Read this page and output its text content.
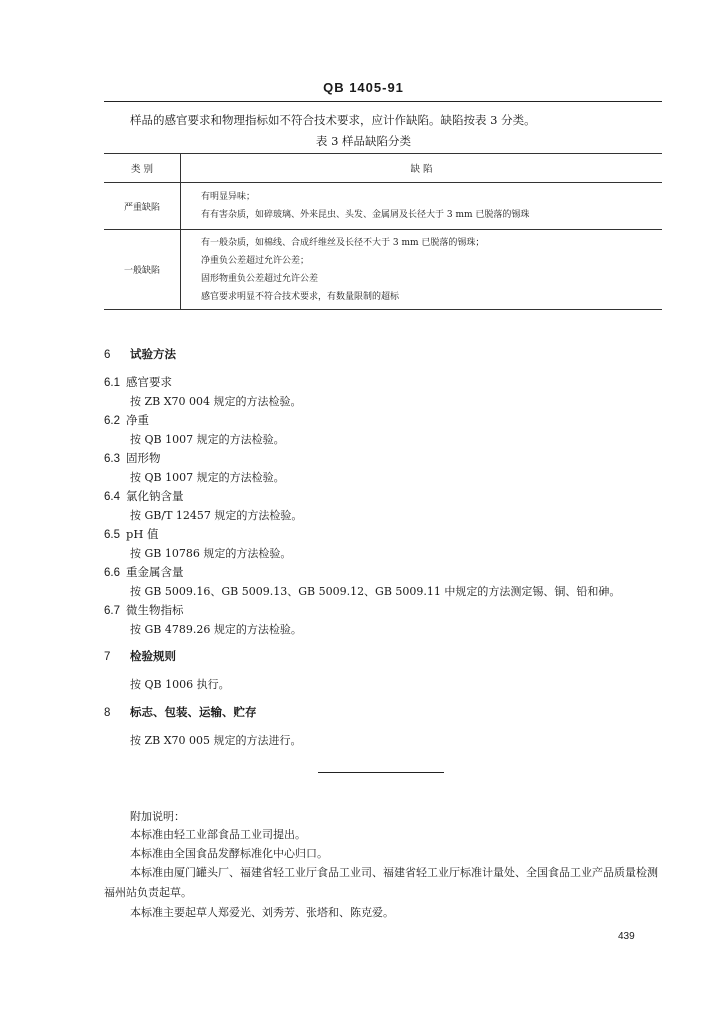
QB 1405-91
样品的感官要求和物理指标如不符合技术要求，应计作缺陷。缺陷按表 3 分类。
表 3 样品缺陷分类
类 别	缺 陷
严重缺陷	有明显异味；
有有害杂质，如碎玻璃、外来昆虫、头发、金属屑及长径大于 3 mm 已脱落的锡珠

一般缺陷	有一般杂质，如棉线、合成纤维丝及长径不大于 3 mm 已脱落的锡珠；
净重负公差超过允许公差；
固形物重负公差超过允许公差
感官要求明显不符合技术要求，有数量限制的超标
6 试验方法
6.1 感官要求
按 ZB X70 004 规定的方法检验。
6.2 净重
按 QB 1007 规定的方法检验。
6.3 固形物
按 QB 1007 规定的方法检验。
6.4 氯化钠含量
按 GB/T 12457 规定的方法检验。
6.5 pH 值
按 GB 10786 规定的方法检验。
6.6 重金属含量
按 GB 5009.16、GB 5009.13、GB 5009.12、GB 5009.11 中规定的方法测定锡、铜、铅和砷。
6.7 微生物指标
按 GB 4789.26 规定的方法检验。
7 检验规则
按 QB 1006 执行。
8 标志、包装、运输、贮存
按 ZB X70 005 规定的方法进行。
附加说明：
本标准由轻工业部食品工业司提出。
本标准由全国食品发酵标准化中心归口。
本标准由厦门罐头厂、福建省轻工业厅食品工业司、福建省轻工业厅标准计量处、全国食品工业产品质量检测福州站负责起草。
本标准主要起草人郑爱光、刘秀芳、张塔和、陈克爱。
439
